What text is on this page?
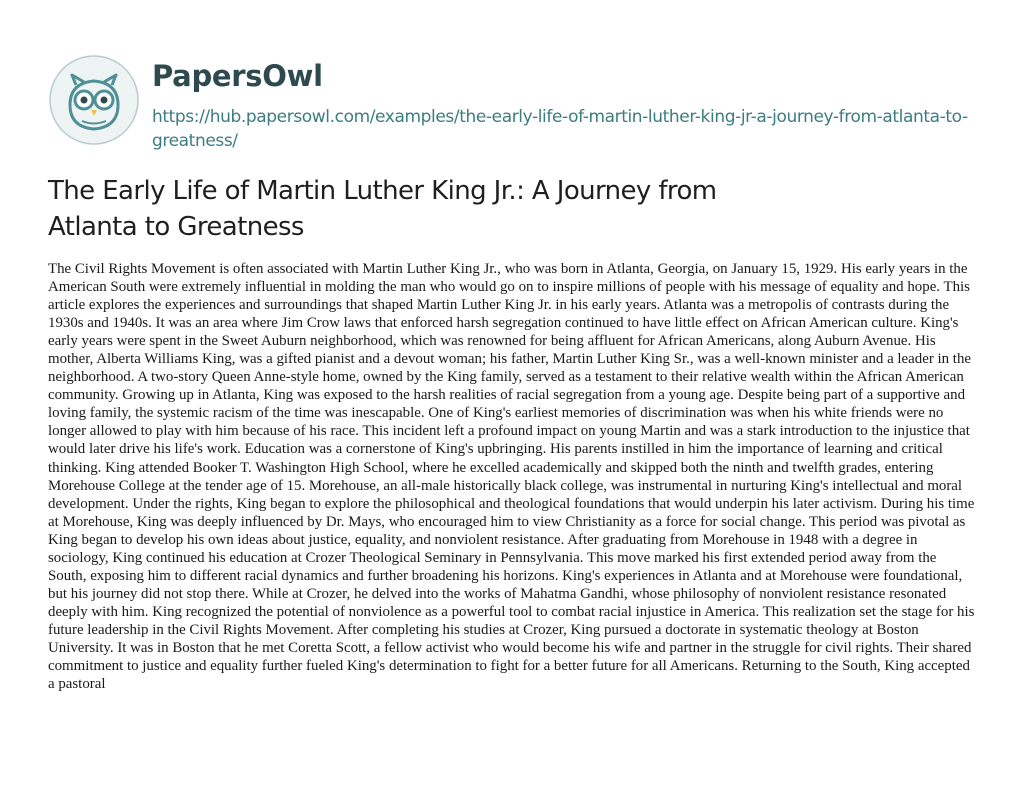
PapersOwl
https://hub.papersowl.com/examples/the-early-life-of-martin-luther-king-jr-a-journey-from-atlanta-to-greatness/
The Early Life of Martin Luther King Jr.: A Journey from Atlanta to Greatness

The Civil Rights Movement is often associated with Martin Luther King Jr., who was born in Atlanta, Georgia, on January 15, 1929. His early years in the American South were extremely influential in molding the man who would go on to inspire millions of people with his message of equality and hope. This article explores the experiences and surroundings that shaped Martin Luther King Jr. in his early years. Atlanta was a metropolis of contrasts during the 1930s and 1940s. It was an area where Jim Crow laws that enforced harsh segregation continued to have little effect on African American culture. King's early years were spent in the Sweet Auburn neighborhood, which was renowned for being affluent for African Americans, along Auburn Avenue. His mother, Alberta Williams King, was a gifted pianist and a devout woman; his father, Martin Luther King Sr., was a well-known minister and a leader in the neighborhood. A two-story Queen Anne-style home, owned by the King family, served as a testament to their relative wealth within the African American community. Growing up in Atlanta, King was exposed to the harsh realities of racial segregation from a young age. Despite being part of a supportive and loving family, the systemic racism of the time was inescapable. One of King's earliest memories of discrimination was when his white friends were no longer allowed to play with him because of his race. This incident left a profound impact on young Martin and was a stark introduction to the injustice that would later drive his life's work. Education was a cornerstone of King's upbringing. His parents instilled in him the importance of learning and critical thinking. King attended Booker T. Washington High School, where he excelled academically and skipped both the ninth and twelfth grades, entering Morehouse College at the tender age of 15. Morehouse, an all-male historically black college, was instrumental in nurturing King's intellectual and moral development. Under the rights, King began to explore the philosophical and theological foundations that would underpin his later activism. During his time at Morehouse, King was deeply influenced by Dr. Mays, who encouraged him to view Christianity as a force for social change. This period was pivotal as King began to develop his own ideas about justice, equality, and nonviolent resistance. After graduating from Morehouse in 1948 with a degree in sociology, King continued his education at Crozer Theological Seminary in Pennsylvania. This move marked his first extended period away from the South, exposing him to different racial dynamics and further broadening his horizons. King's experiences in Atlanta and at Morehouse were foundational, but his journey did not stop there. While at Crozer, he delved into the works of Mahatma Gandhi, whose philosophy of nonviolent resistance resonated deeply with him. King recognized the potential of nonviolence as a powerful tool to combat racial injustice in America. This realization set the stage for his future leadership in the Civil Rights Movement. After completing his studies at Crozer, King pursued a doctorate in systematic theology at Boston University. It was in Boston that he met Coretta Scott, a fellow activist who would become his wife and partner in the struggle for civil rights. Their shared commitment to justice and equality further fueled King's determination to fight for a better future for all Americans. Returning to the South, King accepted a pastoral
